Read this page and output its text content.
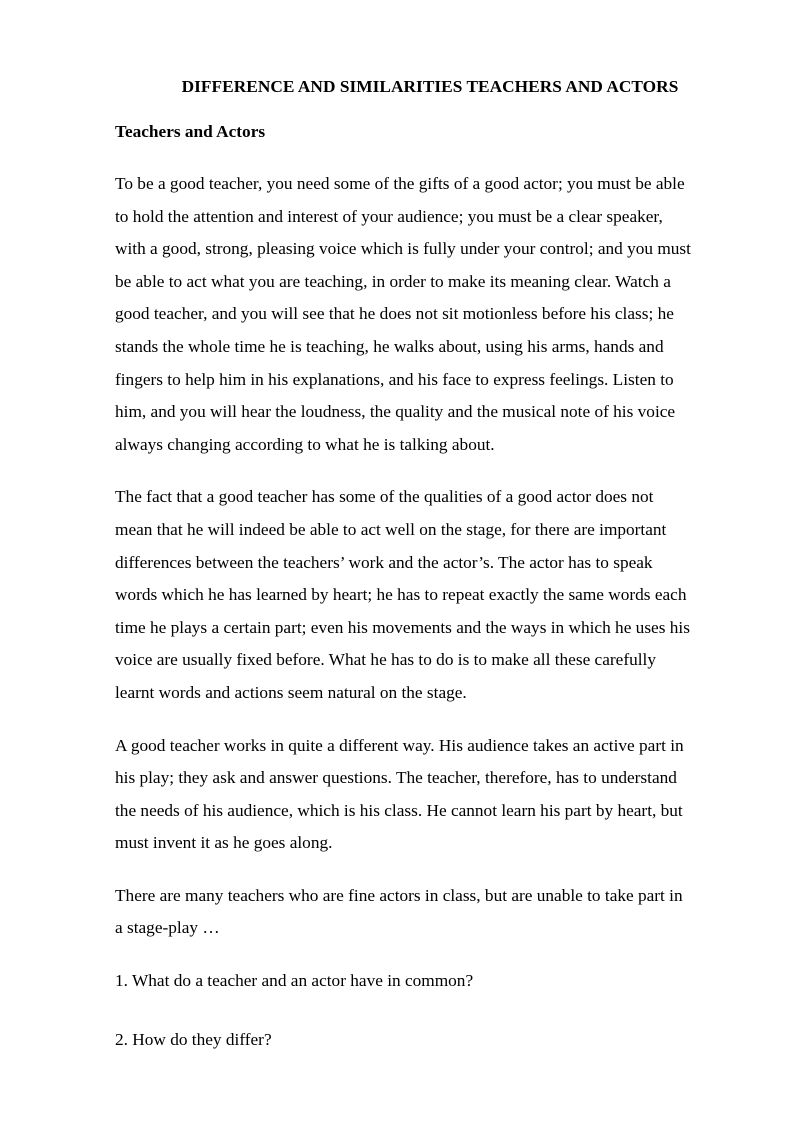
DIFFERENCE AND SIMILARITIES TEACHERS AND ACTORS
Teachers and Actors

To be a good teacher, you need some of the gifts of a good actor; you must be able
to hold the attention and interest of your audience; you must be a clear speaker,
with a good, strong, pleasing voice which is fully under your control; and you must
be able to act what you are teaching, in order to make its meaning clear. Watch a
good teacher, and you will see that he does not sit motionless before his class; he
stands the whole time he is teaching, he walks about, using his arms, hands and
fingers to help him in his explanations, and his face to express feelings. Listen to
him, and you will hear the loudness, the quality and the musical note of his voice
always changing according to what he is talking about.

The fact that a good teacher has some of the qualities of a good actor does not
mean that he will indeed be able to act well on the stage, for there are important
differences between the teachers’ work and the actor’s. The actor has to speak
words which he has learned by heart; he has to repeat exactly the same words each
time he plays a certain part; even his movements and the ways in which he uses his
voice are usually fixed before. What he has to do is to make all these carefully
learnt words and actions seem natural on the stage.

A good teacher works in quite a different way. His audience takes an active part in
his play; they ask and answer questions. The teacher, therefore, has to understand
the needs of his audience, which is his class. He cannot learn his part by heart, but
must invent it as he goes along.

There are many teachers who are fine actors in class, but are unable to take part in
a stage-play …

1. What do a teacher and an actor have in common?

2. How do they differ?
